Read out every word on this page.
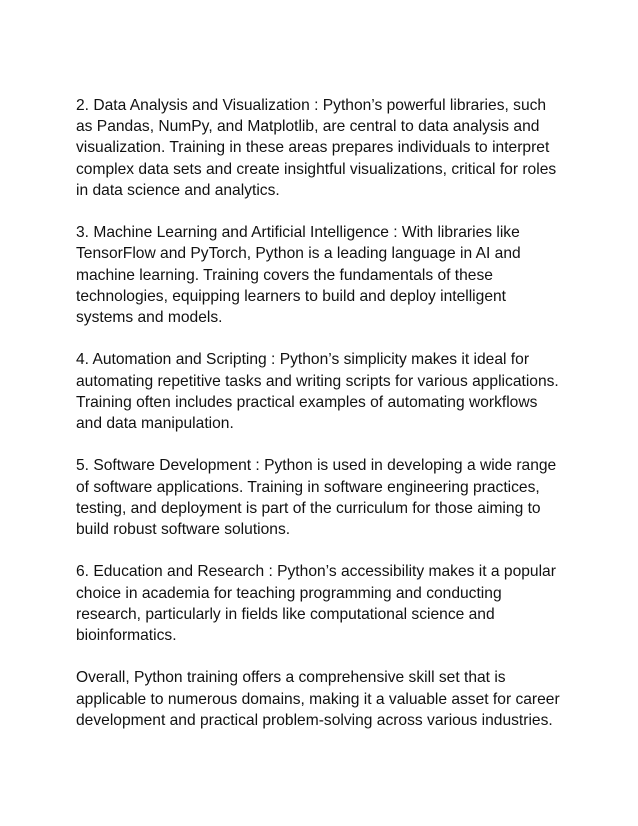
2. Data Analysis and Visualization : Python’s powerful libraries, such
as Pandas, NumPy, and Matplotlib, are central to data analysis and
visualization. Training in these areas prepares individuals to interpret
complex data sets and create insightful visualizations, critical for roles
in data science and analytics.

3. Machine Learning and Artificial Intelligence : With libraries like
TensorFlow and PyTorch, Python is a leading language in AI and
machine learning. Training covers the fundamentals of these
technologies, equipping learners to build and deploy intelligent
systems and models.

4. Automation and Scripting : Python’s simplicity makes it ideal for
automating repetitive tasks and writing scripts for various applications.
Training often includes practical examples of automating workflows
and data manipulation.

5. Software Development : Python is used in developing a wide range
of software applications. Training in software engineering practices,
testing, and deployment is part of the curriculum for those aiming to
build robust software solutions.

6. Education and Research : Python’s accessibility makes it a popular
choice in academia for teaching programming and conducting
research, particularly in fields like computational science and
bioinformatics.

Overall, Python training offers a comprehensive skill set that is
applicable to numerous domains, making it a valuable asset for career
development and practical problem-solving across various industries.
